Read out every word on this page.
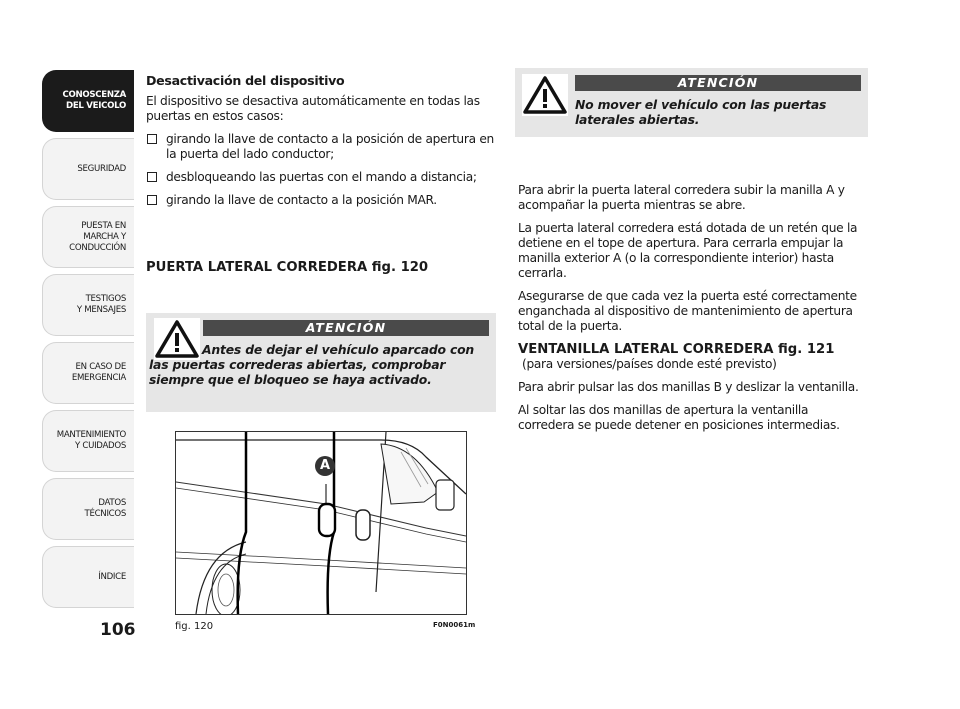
CONOSCENZA
DEL VEICOLO
SEGURIDAD
PUESTA EN
MARCHA Y
CONDUCCIÓN
TESTIGOS
Y MENSAJES
EN CASO DE
EMERGENCIA
MANTENIMIENTO
Y CUIDADOS
DATOS
TÉCNICOS
ÍNDICE
106

Desactivación del dispositivo

El dispositivo se desactiva automáticamente en todas las puertas en estos casos:

girando la llave de contacto a la posición de apertura en la puerta del lado conductor;
desbloqueando las puertas con el mando a distancia;
girando la llave de contacto a la posición MAR.
PUERTA LATERAL CORREDERA fig. 120
ATENCIÓN
Antes de dejar el vehículo aparcado con las puertas correderas abiertas, comprobar siempre que el bloqueo se haya activado.
A
fig. 120	F0N0061m
ATENCIÓN
No mover el vehículo con las puertas laterales abiertas.

Para abrir la puerta lateral corredera subir la manilla A y acompañar la puerta mientras se abre.

La puerta lateral corredera está dotada de un retén que la detiene en el tope de apertura. Para cerrarla empujar la manilla exterior A (o la correspondiente interior) hasta cerrarla.

Asegurarse de que cada vez la puerta esté correctamente enganchada al dispositivo de mantenimiento de apertura total de la puerta.

VENTANILLA LATERAL CORREDERA fig. 121

(para versiones/países donde esté previsto)

Para abrir pulsar las dos manillas B y deslizar la ventanilla.

Al soltar las dos manillas de apertura la ventanilla corredera se puede detener en posiciones intermedias.
